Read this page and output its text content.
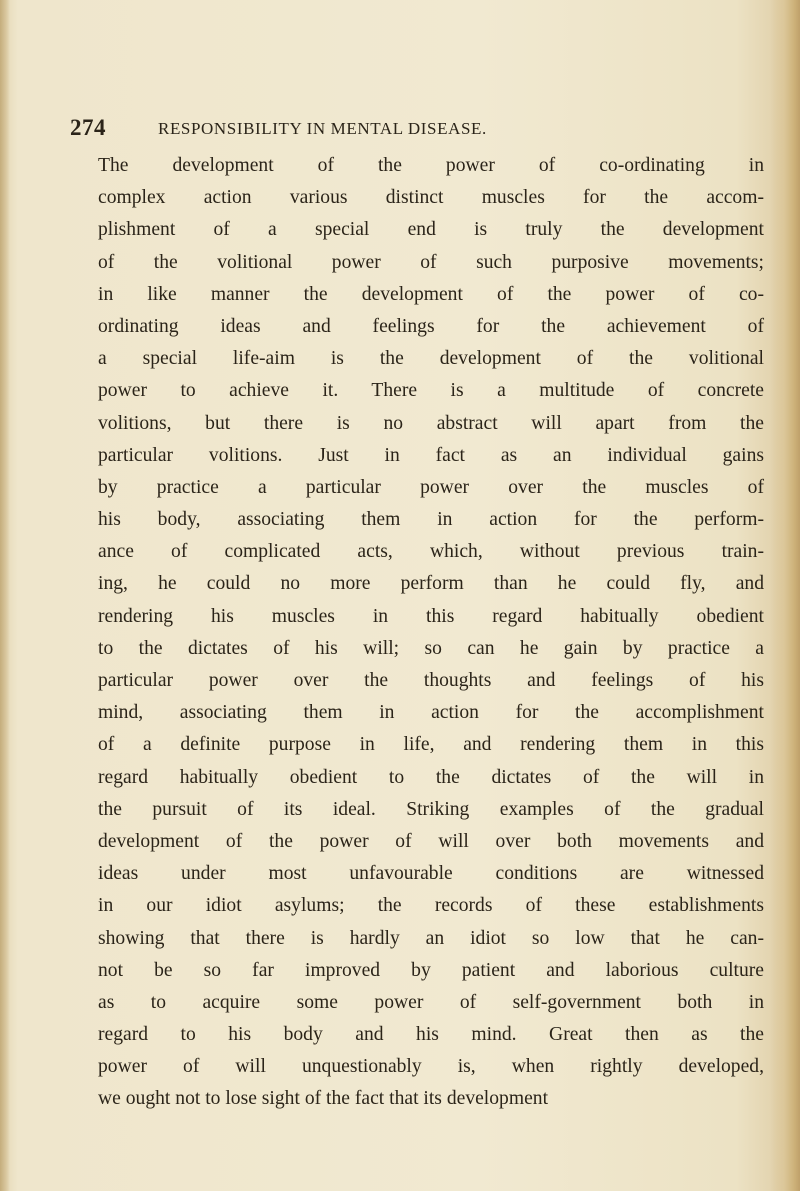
274	RESPONSIBILITY IN MENTAL DISEASE.
The development of the power of co-ordinating in
complex action various distinct muscles for the accom-
plishment of a special end is truly the development
of the volitional power of such purposive movements;
in like manner the development of the power of co-
ordinating ideas and feelings for the achievement of
a special life-aim is the development of the volitional
power to achieve it. There is a multitude of concrete
volitions, but there is no abstract will apart from the
particular volitions. Just in fact as an individual gains
by practice a particular power over the muscles of
his body, associating them in action for the perform-
ance of complicated acts, which, without previous train-
ing, he could no more perform than he could fly, and
rendering his muscles in this regard habitually obedient
to the dictates of his will; so can he gain by practice a
particular power over the thoughts and feelings of his
mind, associating them in action for the accomplishment
of a definite purpose in life, and rendering them in this
regard habitually obedient to the dictates of the will in
the pursuit of its ideal. Striking examples of the gradual
development of the power of will over both movements and
ideas under most unfavourable conditions are witnessed
in our idiot asylums; the records of these establishments
showing that there is hardly an idiot so low that he can-
not be so far improved by patient and laborious culture
as to acquire some power of self-government both in
regard to his body and his mind. Great then as the
power of will unquestionably is, when rightly developed,
we ought not to lose sight of the fact that its development
